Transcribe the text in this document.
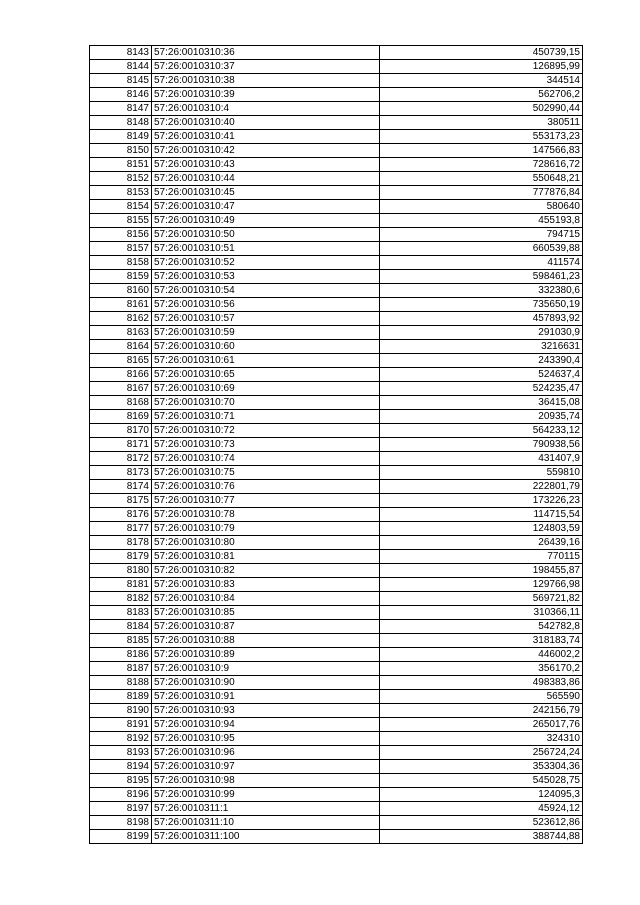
8143	57:26:0010310:36	450739,15
8144	57:26:0010310:37	126895,99
8145	57:26:0010310:38	344514
8146	57:26:0010310:39	562706,2
8147	57:26:0010310:4	502990,44
8148	57:26:0010310:40	380511
8149	57:26:0010310:41	553173,23
8150	57:26:0010310:42	147566,83
8151	57:26:0010310:43	728616,72
8152	57:26:0010310:44	550648,21
8153	57:26:0010310:45	777876,84
8154	57:26:0010310:47	580640
8155	57:26:0010310:49	455193,8
8156	57:26:0010310:50	794715
8157	57:26:0010310:51	660539,88
8158	57:26:0010310:52	411574
8159	57:26:0010310:53	598461,23
8160	57:26:0010310:54	332380,6
8161	57:26:0010310:56	735650,19
8162	57:26:0010310:57	457893,92
8163	57:26:0010310:59	291030,9
8164	57:26:0010310:60	3216631
8165	57:26:0010310:61	243390,4
8166	57:26:0010310:65	524637,4
8167	57:26:0010310:69	524235,47
8168	57:26:0010310:70	36415,08
8169	57:26:0010310:71	20935,74
8170	57:26:0010310:72	564233,12
8171	57:26:0010310:73	790938,56
8172	57:26:0010310:74	431407,9
8173	57:26:0010310:75	559810
8174	57:26:0010310:76	222801,79
8175	57:26:0010310:77	173226,23
8176	57:26:0010310:78	114715,54
8177	57:26:0010310:79	124803,59
8178	57:26:0010310:80	26439,16
8179	57:26:0010310:81	770115
8180	57:26:0010310:82	198455,87
8181	57:26:0010310:83	129766,98
8182	57:26:0010310:84	569721,82
8183	57:26:0010310:85	310366,11
8184	57:26:0010310:87	542782,8
8185	57:26:0010310:88	318183,74
8186	57:26:0010310:89	446002,2
8187	57:26:0010310:9	356170,2
8188	57:26:0010310:90	498383,86
8189	57:26:0010310:91	565590
8190	57:26:0010310:93	242156,79
8191	57:26:0010310:94	265017,76
8192	57:26:0010310:95	324310
8193	57:26:0010310:96	256724,24
8194	57:26:0010310:97	353304,36
8195	57:26:0010310:98	545028,75
8196	57:26:0010310:99	124095,3
8197	57:26:0010311:1	45924,12
8198	57:26:0010311:10	523612,86
8199	57:26:0010311:100	388744,88
